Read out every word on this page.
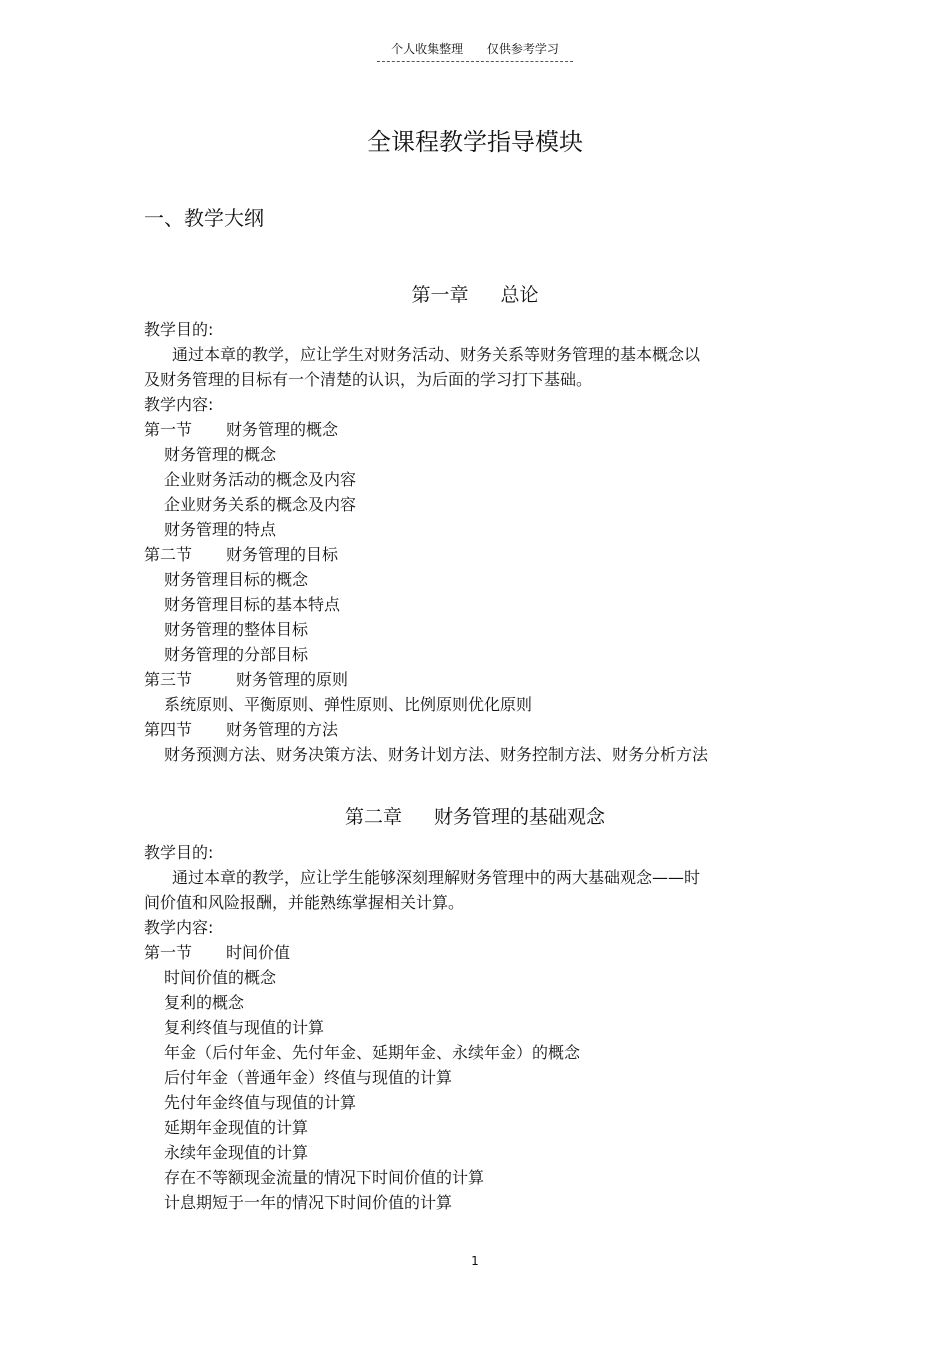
个人收集整理 仅供参考学习
全课程教学指导模块
一、教学大纲
第一章 总论
教学目的:
通过本章的教学，应让学生对财务活动、财务关系等财务管理的基本概念以
及财务管理的目标有一个清楚的认识，为后面的学习打下基础。
教学内容:
第一节 财务管理的概念
财务管理的概念
企业财务活动的概念及内容
企业财务关系的概念及内容
财务管理的特点
第二节 财务管理的目标
财务管理目标的概念
财务管理目标的基本特点
财务管理的整体目标
财务管理的分部目标
第三节	财务管理的原则
系统原则、平衡原则、弹性原则、比例原则优化原则
第四节 财务管理的方法
财务预测方法、财务决策方法、财务计划方法、财务控制方法、财务分析方法
第二章 财务管理的基础观念
教学目的:
通过本章的教学，应让学生能够深刻理解财务管理中的两大基础观念——时
间价值和风险报酬，并能熟练掌握相关计算。
教学内容:
第一节 时间价值
时间价值的概念
复利的概念
复利终值与现值的计算
年金（后付年金、先付年金、延期年金、永续年金）的概念
后付年金（普通年金）终值与现值的计算
先付年金终值与现值的计算
延期年金现值的计算
永续年金现值的计算
存在不等额现金流量的情况下时间价值的计算
计息期短于一年的情况下时间价值的计算
1
